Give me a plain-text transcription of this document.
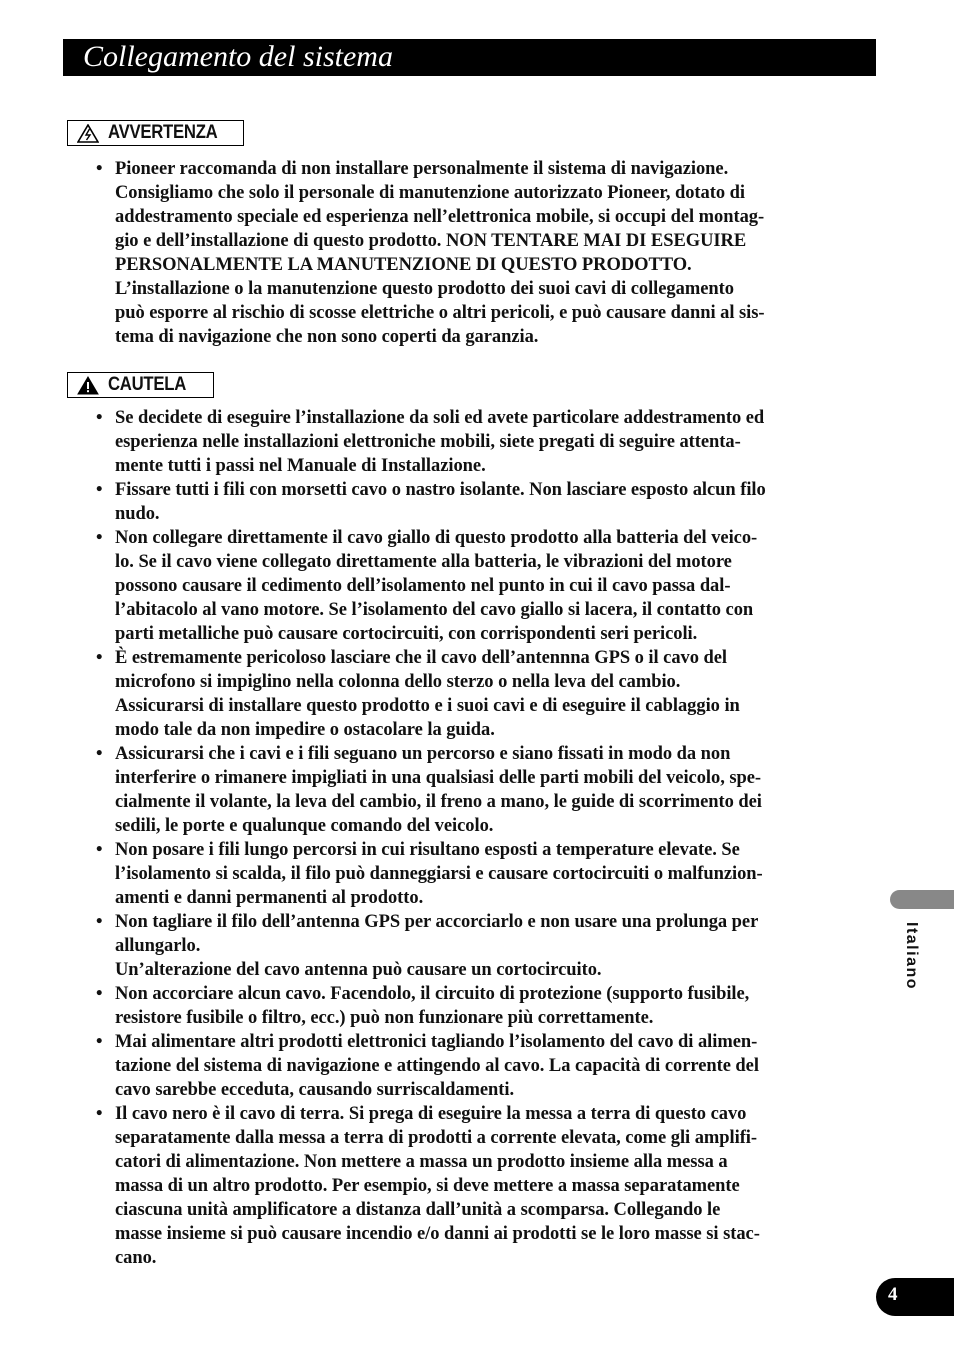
Collegamento del sistema
AVVERTENZA
• Pioneer raccomanda di non installare personalmente il sistema di navigazione.
Consigliamo che solo il personale di manutenzione autorizzato Pioneer, dotato di
addestramento speciale ed esperienza nell’elettronica mobile, si occupi del montag-
gio e dell’installazione di questo prodotto. NON TENTARE MAI DI ESEGUIRE
PERSONALMENTE LA MANUTENZIONE DI QUESTO PRODOTTO.
L’installazione o la manutenzione questo prodotto dei suoi cavi di collegamento
può esporre al rischio di scosse elettriche o altri pericoli, e può causare danni al sis-
tema di navigazione che non sono coperti da garanzia.
CAUTELA
• Se decidete di eseguire l’installazione da soli ed avete particolare addestramento ed
esperienza nelle installazioni elettroniche mobili, siete pregati di seguire attenta-
mente tutti i passi nel Manuale di Installazione.
• Fissare tutti i fili con morsetti cavo o nastro isolante. Non lasciare esposto alcun filo
nudo.
• Non collegare direttamente il cavo giallo di questo prodotto alla batteria del veico-
lo. Se il cavo viene collegato direttamente alla batteria, le vibrazioni del motore
possono causare il cedimento dell’isolamento nel punto in cui il cavo passa dal-
l’abitacolo al vano motore. Se l’isolamento del cavo giallo si lacera, il contatto con
parti metalliche può causare cortocircuiti, con corrispondenti seri pericoli.
• È estremamente pericoloso lasciare che il cavo dell’antennna GPS o il cavo del
microfono si impiglino nella colonna dello sterzo o nella leva del cambio.
Assicurarsi di installare questo prodotto e i suoi cavi e di eseguire il cablaggio in
modo tale da non impedire o ostacolare la guida.
• Assicurarsi che i cavi e i fili seguano un percorso e siano fissati in modo da non
interferire o rimanere impigliati in una qualsiasi delle parti mobili del veicolo, spe-
cialmente il volante, la leva del cambio, il freno a mano, le guide di scorrimento dei
sedili, le porte e qualunque comando del veicolo.
• Non posare i fili lungo percorsi in cui risultano esposti a temperature elevate. Se
l’isolamento si scalda, il filo può danneggiarsi e causare cortocircuiti o malfunzion-
amenti e danni permanenti al prodotto.
• Non tagliare il filo dell’antenna GPS per accorciarlo e non usare una prolunga per
allungarlo.
Un’alterazione del cavo antenna può causare un cortocircuito.
• Non accorciare alcun cavo. Facendolo, il circuito di protezione (supporto fusibile,
resistore fusibile o filtro, ecc.) può non funzionare più correttamente.
• Mai alimentare altri prodotti elettronici tagliando l’isolamento del cavo di alimen-
tazione del sistema di navigazione e attingendo al cavo. La capacità di corrente del
cavo sarebbe ecceduta, causando surriscaldamenti.
• Il cavo nero è il cavo di terra. Si prega di eseguire la messa a terra di questo cavo
separatamente dalla messa a terra di prodotti a corrente elevata, come gli amplifi-
catori di alimentazione. Non mettere a massa un prodotto insieme alla messa a
massa di un altro prodotto. Per esempio, si deve mettere a massa separatamente
ciascuna unità amplificatore a distanza dall’unità a scomparsa. Collegando le
masse insieme si può causare incendio e/o danni ai prodotti se le loro masse si stac-
cano.
Italiano
4
